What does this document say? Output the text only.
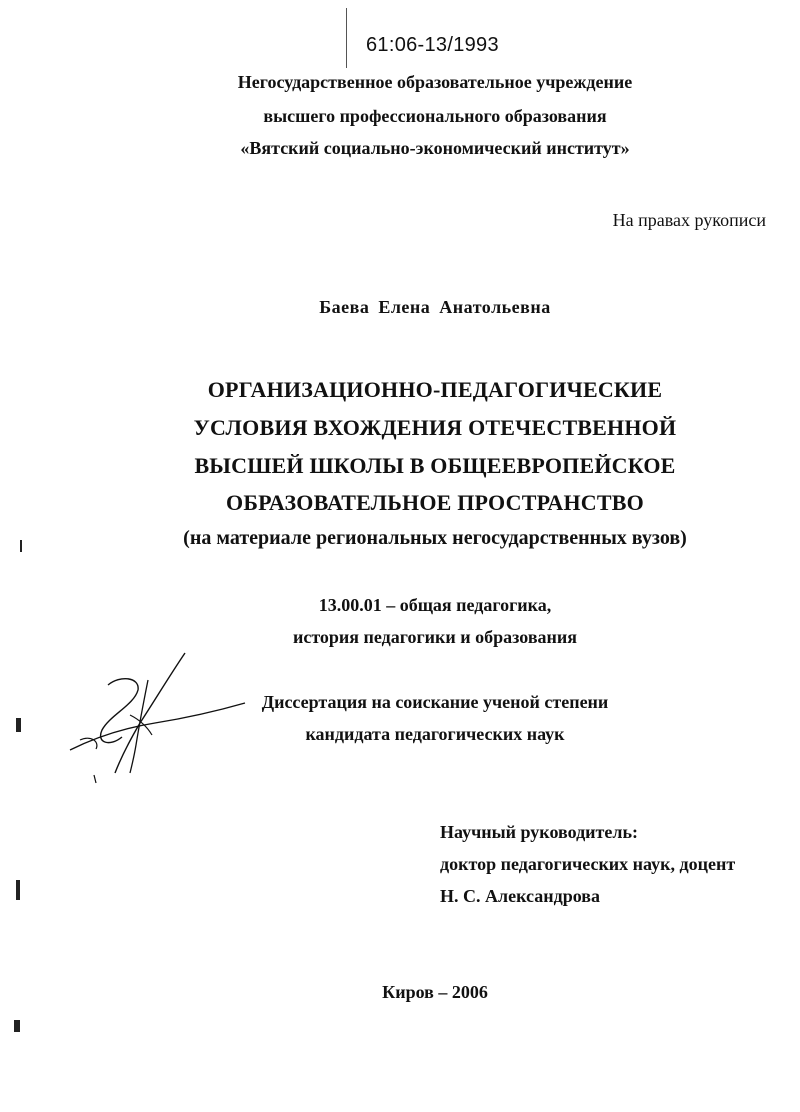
61:06-13/1993
Негосударственное образовательное учреждение
высшего профессионального образования
«Вятский социально-экономический институт»
На правах рукописи
Баева Елена Анатольевна
ОРГАНИЗАЦИОННО-ПЕДАГОГИЧЕСКИЕ
УСЛОВИЯ ВХОЖДЕНИЯ ОТЕЧЕСТВЕННОЙ
ВЫСШЕЙ ШКОЛЫ В ОБЩЕЕВРОПЕЙСКОЕ
ОБРАЗОВАТЕЛЬНОЕ ПРОСТРАНСТВО
(на материале региональных негосударственных вузов)
13.00.01 – общая педагогика,
история педагогики и образования
Диссертация на соискание ученой степени
кандидата педагогических наук
Научный руководитель:
доктор педагогических наук, доцент
Н. С. Александрова
Киров – 2006
